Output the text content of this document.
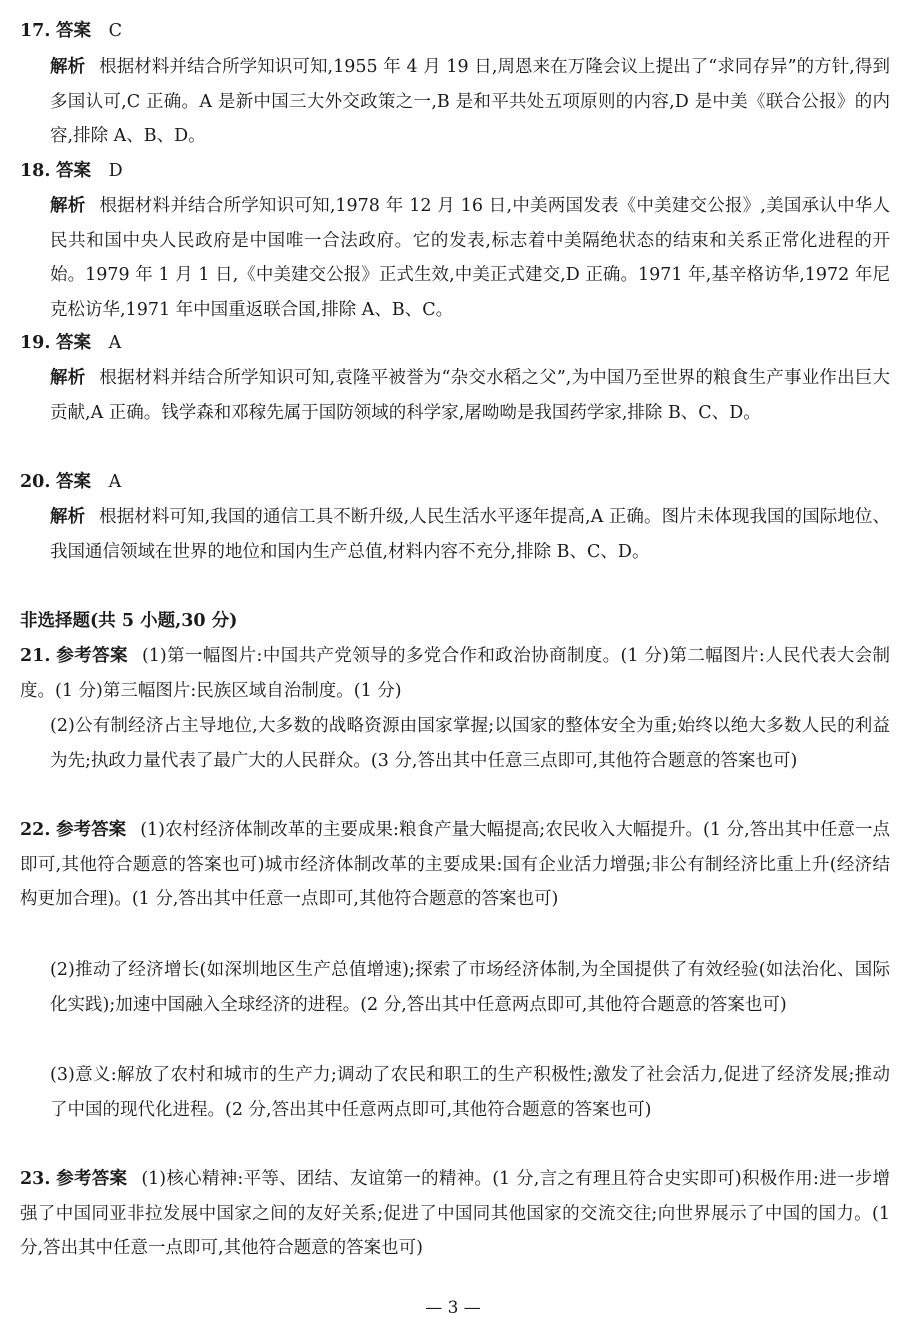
17. 答案 C
解析 根据材料并结合所学知识可知,1955 年 4 月 19 日,周恩来在万隆会议上提出了“求同存异”的方针,得到多国认可,C 正确。A 是新中国三大外交政策之一,B 是和平共处五项原则的内容,D 是中美《联合公报》的内容,排除 A、B、D。
18. 答案 D
解析 根据材料并结合所学知识可知,1978 年 12 月 16 日,中美两国发表《中美建交公报》,美国承认中华人民共和国中央人民政府是中国唯一合法政府。它的发表,标志着中美隔绝状态的结束和关系正常化进程的开始。1979 年 1 月 1 日,《中美建交公报》正式生效,中美正式建交,D 正确。1971 年,基辛格访华,1972 年尼克松访华,1971 年中国重返联合国,排除 A、B、C。
19. 答案 A
解析 根据材料并结合所学知识可知,袁隆平被誉为“杂交水稻之父”,为中国乃至世界的粮食生产事业作出巨大贡献,A 正确。钱学森和邓稼先属于国防领域的科学家,屠呦呦是我国药学家,排除 B、C、D。
20. 答案 A
解析 根据材料可知,我国的通信工具不断升级,人民生活水平逐年提高,A 正确。图片未体现我国的国际地位、我国通信领域在世界的地位和国内生产总值,材料内容不充分,排除 B、C、D。
非选择题(共 5 小题,30 分)
21. 参考答案 (1)第一幅图片:中国共产党领导的多党合作和政治协商制度。(1 分)第二幅图片:人民代表大会制度。(1 分)第三幅图片:民族区域自治制度。(1 分)
(2)公有制经济占主导地位,大多数的战略资源由国家掌握;以国家的整体安全为重;始终以绝大多数人民的利益为先;执政力量代表了最广大的人民群众。(3 分,答出其中任意三点即可,其他符合题意的答案也可)
22. 参考答案 (1)农村经济体制改革的主要成果:粮食产量大幅提高;农民收入大幅提升。(1 分,答出其中任意一点即可,其他符合题意的答案也可)城市经济体制改革的主要成果:国有企业活力增强;非公有制经济比重上升(经济结构更加合理)。(1 分,答出其中任意一点即可,其他符合题意的答案也可)
(2)推动了经济增长(如深圳地区生产总值增速);探索了市场经济体制,为全国提供了有效经验(如法治化、国际化实践);加速中国融入全球经济的进程。(2 分,答出其中任意两点即可,其他符合题意的答案也可)
(3)意义:解放了农村和城市的生产力;调动了农民和职工的生产积极性;激发了社会活力,促进了经济发展;推动了中国的现代化进程。(2 分,答出其中任意两点即可,其他符合题意的答案也可)
23. 参考答案 (1)核心精神:平等、团结、友谊第一的精神。(1 分,言之有理且符合史实即可)积极作用:进一步增强了中国同亚非拉发展中国家之间的友好关系;促进了中国同其他国家的交流交往;向世界展示了中国的国力。(1 分,答出其中任意一点即可,其他符合题意的答案也可)
— 3 —
